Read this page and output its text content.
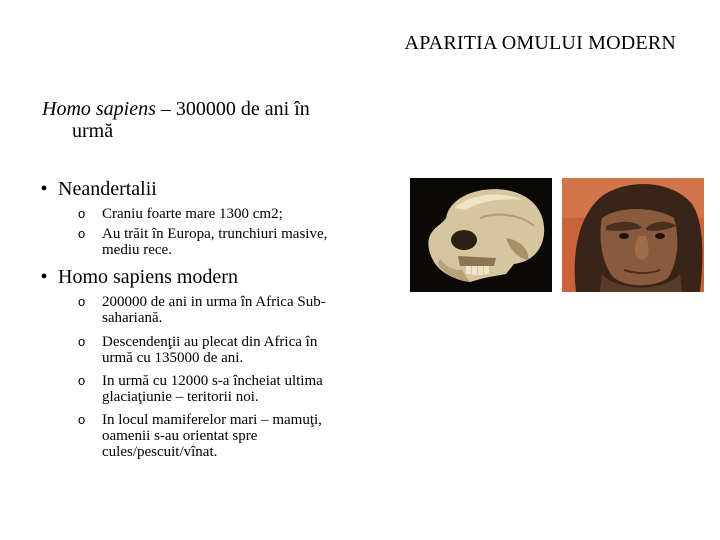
APARITIA OMULUI MODERN
Homo sapiens – 300000 de ani în
urmă
• Neandertalii
o Craniu foarte mare 1300 cm2;
o Au trăit în Europa, trunchiuri masive,
mediu rece.
• Homo sapiens modern
o 200000 de ani in urma în Africa Sub-
sahariană.
o Descendenţii au plecat din Africa în
urmă cu 135000 de ani.
o In urmă cu 12000 s-a încheiat ultima
glaciaţiunie – teritorii noi.
o In locul mamiferelor mari – mamuţi,
oamenii s-au orientat spre
cules/pescuit/vînat.
